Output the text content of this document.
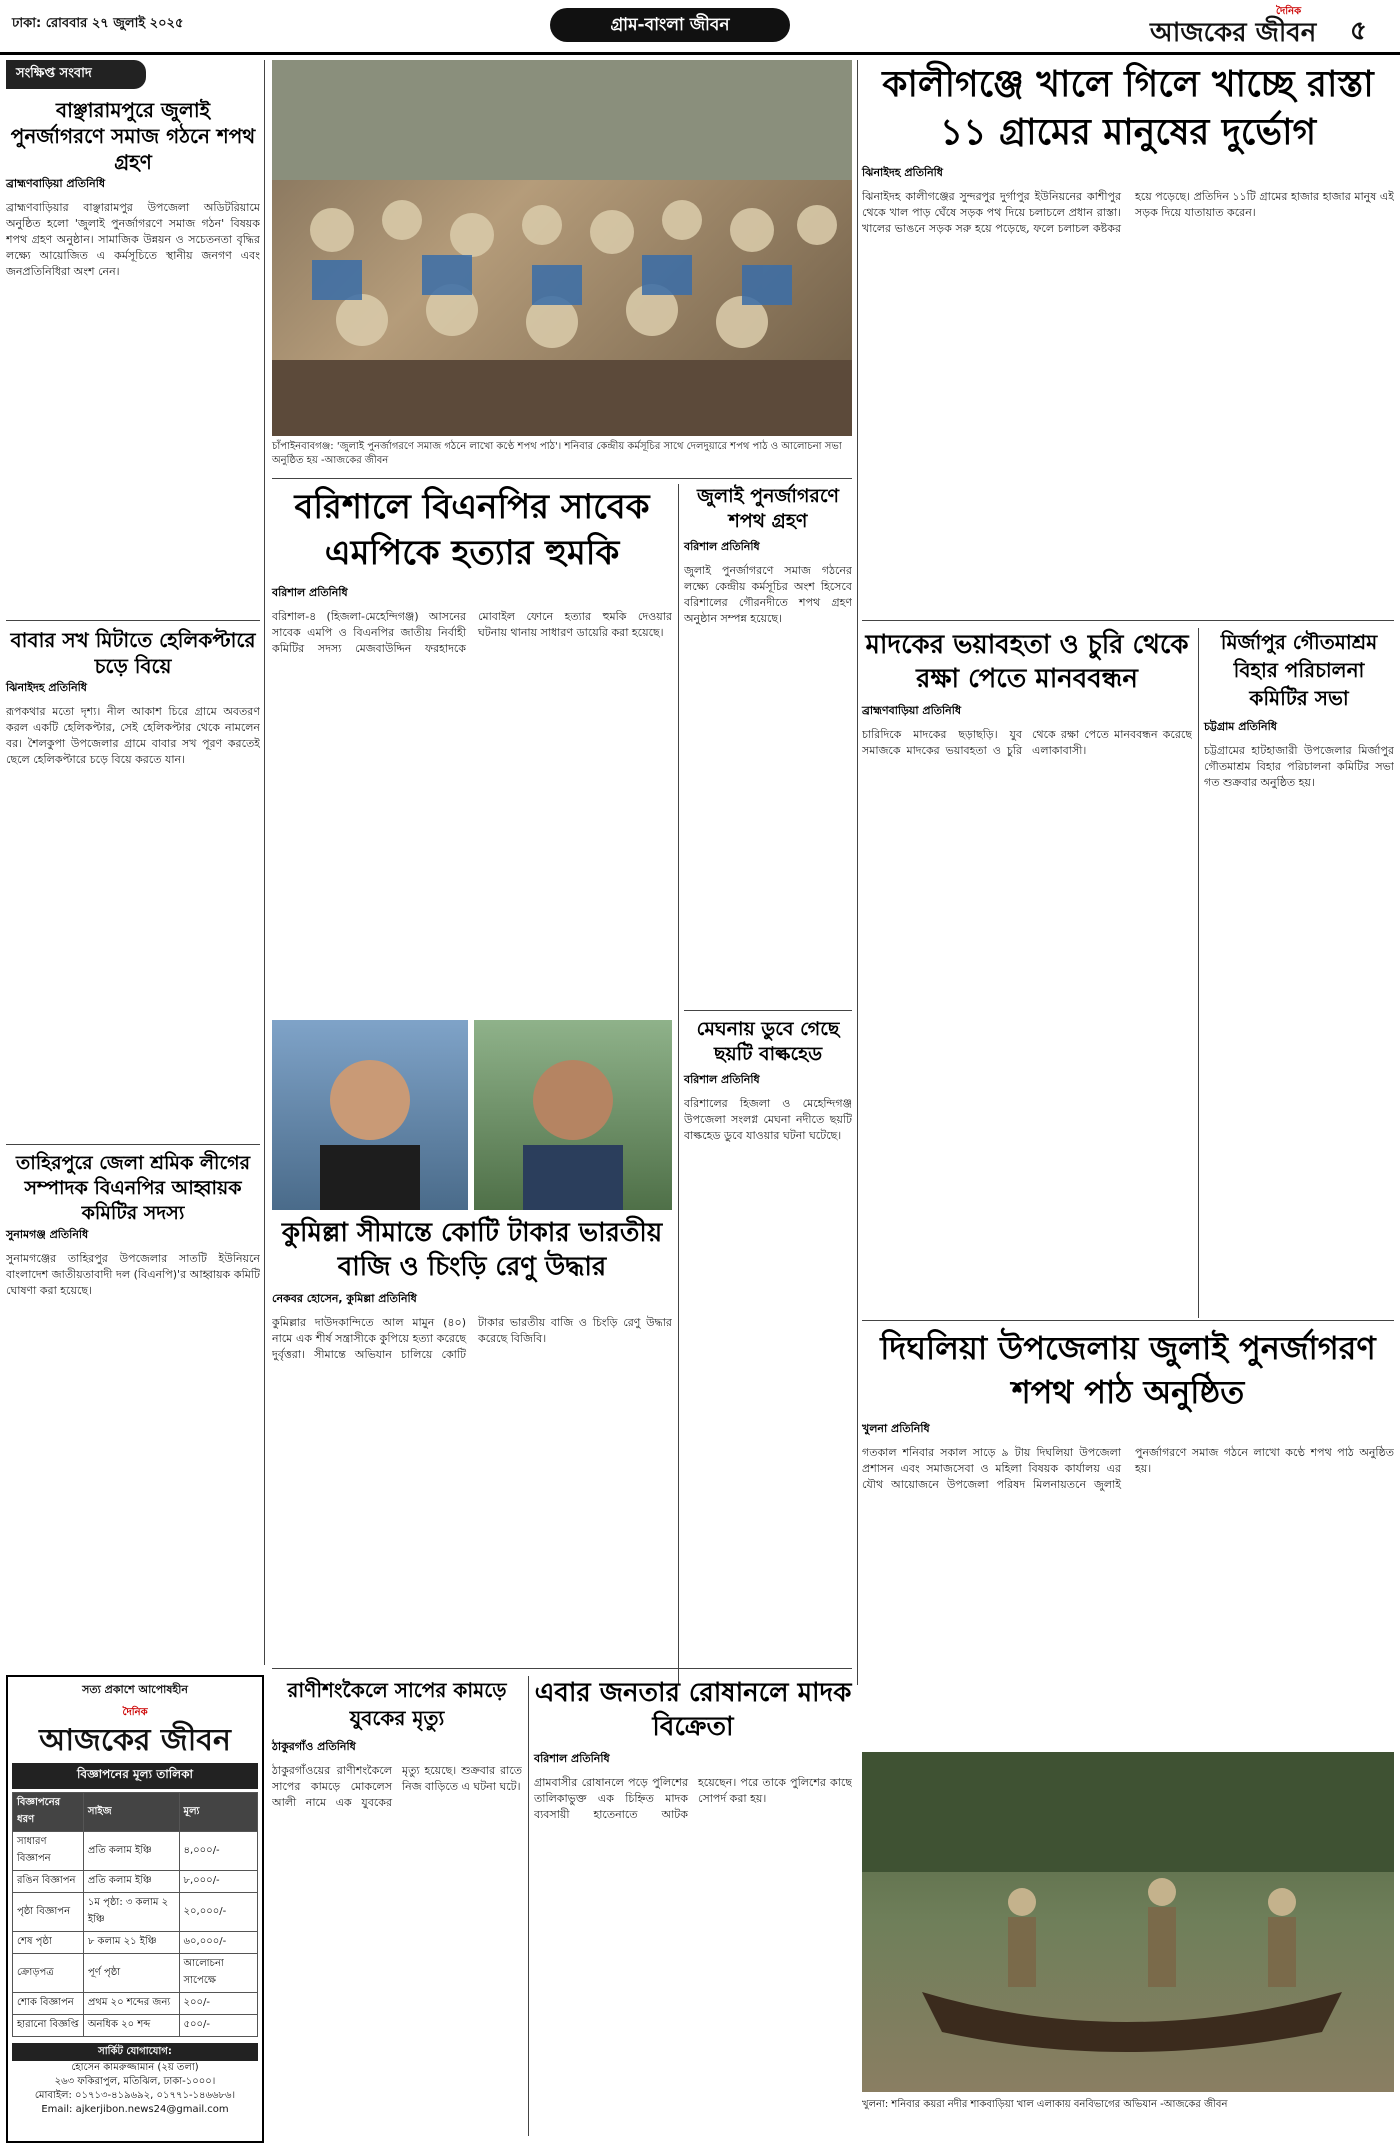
ঢাকা: রোববার ২৭ জুলাই ২০২৫	গ্রাম-বাংলা জীবন
দৈনিক
আজকের জীবন ৫
সংক্ষিপ্ত সংবাদ
বাঞ্ছারামপুরে জুলাই পুনর্জাগরণে সমাজ গঠনে শপথ গ্রহণ
ব্রাহ্মণবাড়িয়া প্রতিনিধি
ব্রাহ্মণবাড়িয়ার বাঞ্ছারামপুর উপজেলা অডিটরিয়ামে অনুষ্ঠিত হলো 'জুলাই পুনর্জাগরণে সমাজ গঠন' বিষয়ক শপথ গ্রহণ অনুষ্ঠান। সামাজিক উন্নয়ন ও সচেতনতা বৃদ্ধির লক্ষ্যে আয়োজিত এ কর্মসূচিতে স্থানীয় জনগণ এবং জনপ্রতিনিধিরা অংশ নেন।
বাবার সখ মিটাতে হেলিকপ্টারে চড়ে বিয়ে
ঝিনাইদহ প্রতিনিধি
রূপকথার মতো দৃশ্য। নীল আকাশ চিরে গ্রামে অবতরণ করল একটি হেলিকপ্টার, সেই হেলিকপ্টার থেকে নামলেন বর। শৈলকুপা উপজেলার গ্রামে বাবার সখ পূরণ করতেই ছেলে হেলিকপ্টারে চড়ে বিয়ে করতে যান।
তাহিরপুরে জেলা শ্রমিক লীগের সম্পাদক বিএনপির আহ্বায়ক কমিটির সদস্য
সুনামগঞ্জ প্রতিনিধি
সুনামগঞ্জের তাহিরপুর উপজেলার সাতটি ইউনিয়নে বাংলাদেশ জাতীয়তাবাদী দল (বিএনপি)'র আহ্বায়ক কমিটি ঘোষণা করা হয়েছে।
চাঁপাইনবাবগঞ্জ: 'জুলাই পুনর্জাগরণে সমাজ গঠনে লাখো কণ্ঠে শপথ পাঠ'। শনিবার কেন্দ্রীয় কর্মসূচির সাথে দেলদুয়ারে শপথ পাঠ ও আলোচনা সভা অনুষ্ঠিত হয় -আজকের জীবন
কালীগঞ্জে খালে গিলে খাচ্ছে রাস্তা ১১ গ্রামের মানুষের দুর্ভোগ
ঝিনাইদহ প্রতিনিধি
ঝিনাইদহ কালীগঞ্জের সুন্দরপুর দুর্গাপুর ইউনিয়নের কাশীপুর থেকে খাল পাড় ঘেঁষে সড়ক পথ দিয়ে চলাচলে প্রধান রাস্তা। খালের ভাঙনে সড়ক সরু হয়ে পড়েছে, ফলে চলাচল কষ্টকর হয়ে পড়েছে। প্রতিদিন ১১টি গ্রামের হাজার হাজার মানুষ এই সড়ক দিয়ে যাতায়াত করেন।
বরিশালে বিএনপির সাবেক এমপিকে হত্যার হুমকি
বরিশাল প্রতিনিধি
বরিশাল-৪ (হিজলা-মেহেন্দিগঞ্জ) আসনের সাবেক এমপি ও বিএনপির জাতীয় নির্বাহী কমিটির সদস্য মেজবাউদ্দিন ফরহাদকে মোবাইল ফোনে হত্যার হুমকি দেওয়ার ঘটনায় থানায় সাধারণ ডায়েরি করা হয়েছে।
জুলাই পুনর্জাগরণে শপথ গ্রহণ
বরিশাল প্রতিনিধি
জুলাই পুনর্জাগরণে সমাজ গঠনের লক্ষ্যে কেন্দ্রীয় কর্মসূচির অংশ হিসেবে বরিশালের গৌরনদীতে শপথ গ্রহণ অনুষ্ঠান সম্পন্ন হয়েছে।
মাদকের ভয়াবহতা ও চুরি থেকে রক্ষা পেতে মানববন্ধন
ব্রাহ্মণবাড়িয়া প্রতিনিধি
চারিদিকে মাদকের ছড়াছড়ি। যুব সমাজকে মাদকের ভয়াবহতা ও চুরি থেকে রক্ষা পেতে মানববন্ধন করেছে এলাকাবাসী।
মির্জাপুর গৌতমাশ্রম বিহার পরিচালনা কমিটির সভা
চট্টগ্রাম প্রতিনিধি
চট্টগ্রামের হাটহাজারী উপজেলার মির্জাপুর গৌতমাশ্রম বিহার পরিচালনা কমিটির সভা গত শুক্রবার অনুষ্ঠিত হয়।
কুমিল্লা সীমান্তে কোটি টাকার ভারতীয় বাজি ও চিংড়ি রেণু উদ্ধার
নেকবর হোসেন, কুমিল্লা প্রতিনিধি
কুমিল্লার দাউদকান্দিতে আল মামুন (৪০) নামে এক শীর্ষ সন্ত্রাসীকে কুপিয়ে হত্যা করেছে দুর্বৃত্তরা। সীমান্তে অভিযান চালিয়ে কোটি টাকার ভারতীয় বাজি ও চিংড়ি রেণু উদ্ধার করেছে বিজিবি।
মেঘনায় ডুবে গেছে ছয়টি বাল্কহেড
বরিশাল প্রতিনিধি
বরিশালের হিজলা ও মেহেন্দিগঞ্জ উপজেলা সংলগ্ন মেঘনা নদীতে ছয়টি বাল্কহেড ডুবে যাওয়ার ঘটনা ঘটেছে।
দিঘলিয়া উপজেলায় জুলাই পুনর্জাগরণ শপথ পাঠ অনুষ্ঠিত
খুলনা প্রতিনিধি
গতকাল শনিবার সকাল সাড়ে ৯ টায় দিঘলিয়া উপজেলা প্রশাসন এবং সমাজসেবা ও মহিলা বিষয়ক কার্যালয় এর যৌথ আয়োজনে উপজেলা পরিষদ মিলনায়তনে জুলাই পুনর্জাগরণে সমাজ গঠনে লাখো কণ্ঠে শপথ পাঠ অনুষ্ঠিত হয়।
খুলনা: শনিবার কয়রা নদীর শাকবাড়িয়া খাল এলাকায় বনবিভাগের অভিযান -আজকের জীবন
রাণীশংকৈলে সাপের কামড়ে যুবকের মৃত্যু
ঠাকুরগাঁও প্রতিনিধি
ঠাকুরগাঁওয়ের রাণীশংকৈলে সাপের কামড়ে মোকলেস আলী নামে এক যুবকের মৃত্যু হয়েছে। শুক্রবার রাতে নিজ বাড়িতে এ ঘটনা ঘটে।
এবার জনতার রোষানলে মাদক বিক্রেতা
বরিশাল প্রতিনিধি
গ্রামবাসীর রোষানলে পড়ে পুলিশের তালিকাভুক্ত এক চিহ্নিত মাদক ব্যবসায়ী হাতেনাতে আটক হয়েছেন। পরে তাকে পুলিশের কাছে সোপর্দ করা হয়।
সত্য প্রকাশে আপোষহীন
দৈনিক
আজকের জীবন
বিজ্ঞাপনের মূল্য তালিকা
বিজ্ঞাপনের ধরণ	সাইজ	মূল্য
সাধারণ বিজ্ঞাপন	প্রতি কলাম ইঞ্চি	৪,০০০/-
রঙিন বিজ্ঞাপন	প্রতি কলাম ইঞ্চি	৮,০০০/-
পৃষ্ঠা বিজ্ঞাপন	১ম পৃষ্ঠা: ৩ কলাম ২ ইঞ্চি	২০,০০০/-
শেষ পৃষ্ঠা	৮ কলাম ২১ ইঞ্চি	৬০,০০০/-
ক্রোড়পত্র	পূর্ণ পৃষ্ঠা	আলোচনা সাপেক্ষে
শোক বিজ্ঞাপন	প্রথম ২০ শব্দের জন্য	২০০/-
হারানো বিজ্ঞপ্তি	অনধিক ২০ শব্দ	৫০০/-
সার্কিট যোগাযোগ:
হোসেন কামরুজ্জামান (২য় তলা)
২৬৩ ফকিরাপুল, মতিঝিল, ঢাকা-১০০০।
মোবাইল: ০১৭১৩-৪১৯৬৯২, ০১৭৭১-১৪৬৬৮৬।
Email: ajkerjibon.news24@gmail.com
